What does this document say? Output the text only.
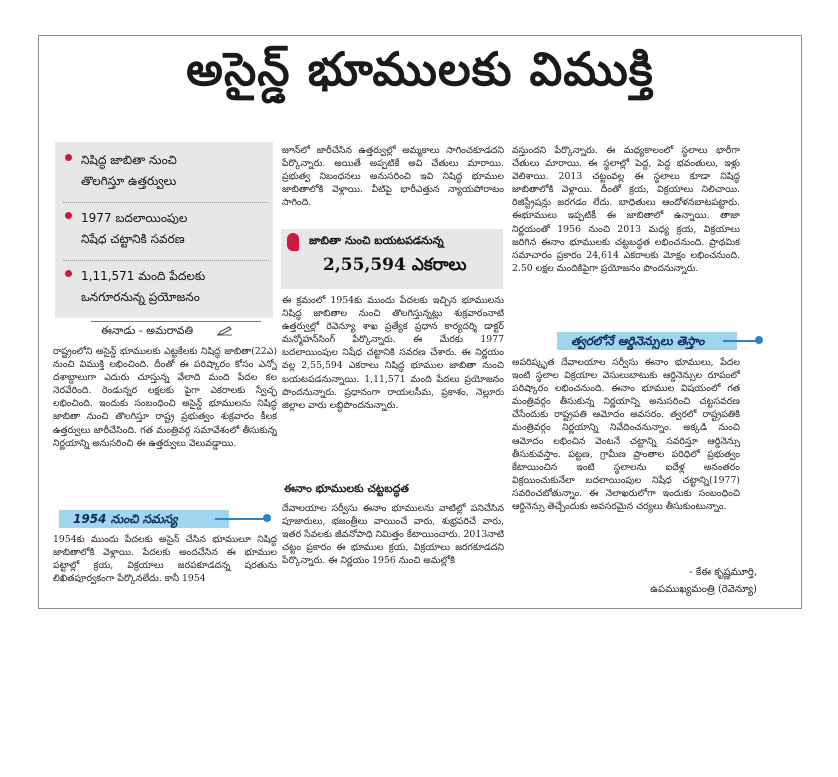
అసైన్డ్ భూములకు విముక్తి
నిషిద్ధ జాబితా నుంచి
తొలగిస్తూ ఉత్తర్వులు
1977 బదలాయింపుల
నిషేధ చట్టానికి సవరణ
1,11,571 మంది పేదలకు
ఒనగూరనున్న ప్రయోజనం
ఈనాడు - అమరావతి
రాష్ట్రంలోని అసైన్డ్ భూములకు ఎట్టకేలకు నిషిద్ధ జాబితా(22ఎ) నుంచి విముక్తి లభించింది. దీంతో ఈ పరిష్కారం కోసం ఎన్నో దశాబ్దాలుగా ఎదురు చూస్తున్న వేలాది మంది పేదల కల నెరవేరింది. రెండున్నర లక్షలకు పైగా ఎకరాలకు స్వేచ్ఛ లభించింది. ఇందుకు సంబంధించి అసైన్డ్ భూములను నిషిద్ధ జాబితా నుంచి తొలగిస్తూ రాష్ట్ర ప్రభుత్వం శుక్రవారం కీలక ఉత్తర్వులు జారీచేసింది. గత మంత్రివర్గ సమావేశంలో తీసుకున్న నిర్ణయాన్ని అనుసరించి ఈ ఉత్తర్వులు వెలువడ్డాయి.
1954 నుంచి సమస్య
1954కు ముందు పేదలకు అసైన్ చేసిన భూములూ నిషిద్ధ జాబితాలోకి వెళ్లాయి. పేదలకు అందచేసిన ఈ భూముల పట్టాల్లో క్రయ, విక్రయాలు జరపకూడదన్న షరతును లిఖితపూర్వకంగా పేర్కొనలేదు. కానీ 1954
జూన్‌లో జారీచేసిన ఉత్తర్వుల్లో అమ్మకాలు సాగించకూడదని పేర్కొన్నారు. అయితే అప్పటికే అవి చేతులు మారాయి. ప్రభుత్వ నిబంధనలు అనుసరించి ఇవి నిషిద్ధ భూముల జాబితాలోకి వెళ్లాయి. వీటిపై భారీఎత్తున న్యాయపోరాటం సాగింది.
జాబితా నుంచి బయటపడనున్న
2,55,594 ఎకరాలు
ఈ క్రమంలో 1954కు ముందు పేదలకు ఇచ్చిన భూములను నిషిద్ధ జాబితాల నుంచి తొలగిస్తున్నట్లు శుక్రవారంనాటి ఉత్తర్వుల్లో రెవెన్యూ శాఖ ప్రత్యేక ప్రధాన కార్యదర్శి డాక్టర్ మన్మోహన్‌సింగ్ పేర్కొన్నారు. ఈ మేరకు 1977 బదలాయింపుల నిషేధ చట్టానికి సవరణ చేశారు. ఈ నిర్ణయం వల్ల 2,55,594 ఎకరాలు నిషిద్ధ భూముల జాబితా నుంచి బయటపడనున్నాయి. 1,11,571 మంది పేదలు ప్రయోజనం పొందనున్నారు. ప్రధానంగా రాయలసీమ, ప్రకాశం, నెల్లూరు జిల్లాల వారు లబ్ధిపొందనున్నారు.
ఈనాం భూములకు చట్టబద్ధత
దేవాలయాల సర్వీసు ఈనాం భూములను వాటిల్లో పనిచేసిన పూజారులు, భజంత్రీలు వాయించే వారు, శుభ్రపరిచే వారు, ఇతర సేవలకు జీవనోపాధి నిమిత్తం కేటాయించారు. 2013నాటి చట్టం ప్రకారం ఈ భూముల క్రయ, విక్రయాలు జరగకూడదని పేర్కొన్నారు. ఈ నిర్ణయం 1956 నుంచి అమల్లోకి
వస్తుందని పేర్కొన్నారు. ఈ మధ్యకాలంలో స్థలాలు భారీగా చేతులు మారాయి. ఈ స్థలాల్లో పెద్ద, పెద్ద భవంతులు, ఇళ్లు వెలిశాయి. 2013 చట్టంవల్ల ఈ స్థలాలు కూడా నిషిద్ధ జాబితాలోకి వెళ్లాయి. దీంతో క్రయ, విక్రయాలు నిలిచాయి. రిజిస్ట్రేషన్లు జరగడం లేదు. బాధితులు ఆందోళనబాటపట్టారు. ఈభూములు ఇప్పటికీ ఈ జాబితాలో ఉన్నాయి. తాజా నిర్ణయంతో 1956 నుంచి 2013 మధ్య క్రయ, విక్రయాలు జరిగిన ఈనాం భూములకు చట్టబద్ధత లభించనుంది. ప్రాథమిక సమాచారం ప్రకారం 24,614 ఎకరాలకు మోక్షం లభించనుంది. 2.50 లక్షల మందికిపైగా ప్రయోజనం పొందనున్నారు.
త్వరలోనే ఆర్డినెన్సులు తెస్తాం
అపరిష్కృత దేవాలయాల సర్వీసు ఈనాం భూములు, పేదల ఇంటి స్థలాల విక్రయాల వెసులుబాటుకు ఆర్డినెన్సుల రూపంలో పరిష్కారం లభించనుంది. ఈనాం భూముల విషయంలో గత మంత్రివర్గం తీసుకున్న నిర్ణయాన్ని అనుసరించి చట్టసవరణ చేసేందుకు రాష్ట్రపతి ఆమోదం అవసరం. త్వరలో రాష్ట్రపతికి మంత్రివర్గం నిర్ణయాన్ని నివేదించనున్నాం. అక్కడి నుంచి ఆమోదం లభించిన వెంటనే చట్టాన్ని సవరిస్తూ ఆర్డినెన్సు తీసుకువస్తాం. పట్టణ, గ్రామీణ ప్రాంతాల పరిధిలో ప్రభుత్వం కేటాయించిన ఇంటి స్థలాలను ఐదేళ్ల అనంతరం విక్రయించుకునేలా బదలాయింపుల నిషేధ చట్టాన్ని(1977) సవరించబోతున్నాం. ఈ నెలాఖరులోగా ఇందుకు సంబంధించి ఆర్డినెన్సు తెచ్చేందుకు అవసరమైన చర్యలు తీసుకుంటున్నాం.
- కేఈ కృష్ణమూర్తి,
ఉపముఖ్యమంత్రి (రెవెన్యూ)
